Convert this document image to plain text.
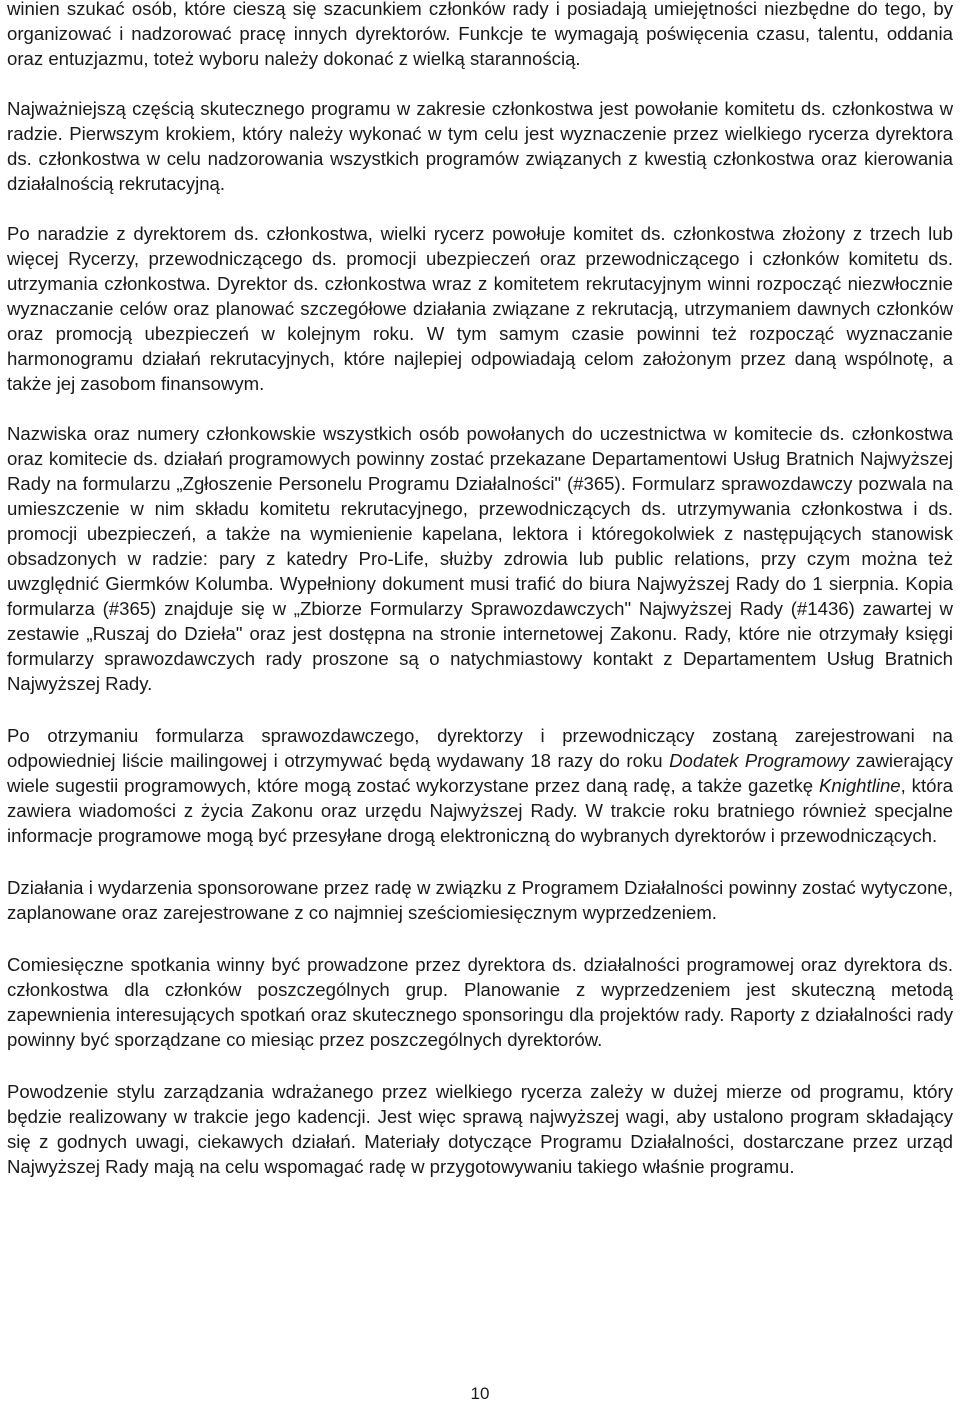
winien szukać osób, które cieszą się szacunkiem członków rady i posiadają umiejętności niezbędne do tego, by organizować i nadzorować pracę innych dyrektorów. Funkcje te wymagają poświęcenia czasu, talentu, oddania oraz entuzjazmu, toteż wyboru należy dokonać z wielką starannością.

Najważniejszą częścią skutecznego programu w zakresie członkostwa jest powołanie komitetu ds. członkostwa w radzie. Pierwszym krokiem, który należy wykonać w tym celu jest wyznaczenie przez wielkiego rycerza dyrektora ds. członkostwa w celu nadzorowania wszystkich programów związanych z kwestią członkostwa oraz kierowania działalnością rekrutacyjną.

Po naradzie z dyrektorem ds. członkostwa, wielki rycerz powołuje komitet ds. członkostwa złożony z trzech lub więcej Rycerzy, przewodniczącego ds. promocji ubezpieczeń oraz przewodniczącego i członków komitetu ds. utrzymania członkostwa. Dyrektor ds. członkostwa wraz z komitetem rekrutacyjnym winni rozpocząć niezwłocznie wyznaczanie celów oraz planować szczegółowe działania związane z rekrutacją, utrzymaniem dawnych członków oraz promocją ubezpieczeń w kolejnym roku. W tym samym czasie powinni też rozpocząć wyznaczanie harmonogramu działań rekrutacyjnych, które najlepiej odpowiadają celom założonym przez daną wspólnotę, a także jej zasobom finansowym.

Nazwiska oraz numery członkowskie wszystkich osób powołanych do uczestnictwa w komitecie ds. członkostwa oraz komitecie ds. działań programowych powinny zostać przekazane Departamentowi Usług Bratnich Najwyższej Rady na formularzu „Zgłoszenie Personelu Programu Działalności" (#365). Formularz sprawozdawczy pozwala na umieszczenie w nim składu komitetu rekrutacyjnego, przewodniczących ds. utrzymywania członkostwa i ds. promocji ubezpieczeń, a także na wymienienie kapelana, lektora i któregokolwiek z następujących stanowisk obsadzonych w radzie: pary z katedry Pro-Life, służby zdrowia lub public relations, przy czym można też uwzględnić Giermków Kolumba. Wypełniony dokument musi trafić do biura Najwyższej Rady do 1 sierpnia. Kopia formularza (#365) znajduje się w „Zbiorze Formularzy Sprawozdawczych" Najwyższej Rady (#1436) zawartej w zestawie „Ruszaj do Dzieła" oraz jest dostępna na stronie internetowej Zakonu. Rady, które nie otrzymały księgi formularzy sprawozdawczych rady proszone są o natychmiastowy kontakt z Departamentem Usług Bratnich Najwyższej Rady.

Po otrzymaniu formularza sprawozdawczego, dyrektorzy i przewodniczący zostaną zarejestrowani na odpowiedniej liście mailingowej i otrzymywać będą wydawany 18 razy do roku Dodatek Programowy zawierający wiele sugestii programowych, które mogą zostać wykorzystane przez daną radę, a także gazetkę Knightline, która zawiera wiadomości z życia Zakonu oraz urzędu Najwyższej Rady. W trakcie roku bratniego również specjalne informacje programowe mogą być przesyłane drogą elektroniczną do wybranych dyrektorów i przewodniczących.

Działania i wydarzenia sponsorowane przez radę w związku z Programem Działalności powinny zostać wytyczone, zaplanowane oraz zarejestrowane z co najmniej sześciomiesięcznym wyprzedzeniem.

Comiesięczne spotkania winny być prowadzone przez dyrektora ds. działalności programowej oraz dyrektora ds. członkostwa dla członków poszczególnych grup. Planowanie z wyprzedzeniem jest skuteczną metodą zapewnienia interesujących spotkań oraz skutecznego sponsoringu dla projektów rady. Raporty z działalności rady powinny być sporządzane co miesiąc przez poszczególnych dyrektorów.

Powodzenie stylu zarządzania wdrażanego przez wielkiego rycerza zależy w dużej mierze od programu, który będzie realizowany w trakcie jego kadencji. Jest więc sprawą najwyższej wagi, aby ustalono program składający się z godnych uwagi, ciekawych działań. Materiały dotyczące Programu Działalności, dostarczane przez urząd Najwyższej Rady mają na celu wspomagać radę w przygotowywaniu takiego właśnie programu.

10
